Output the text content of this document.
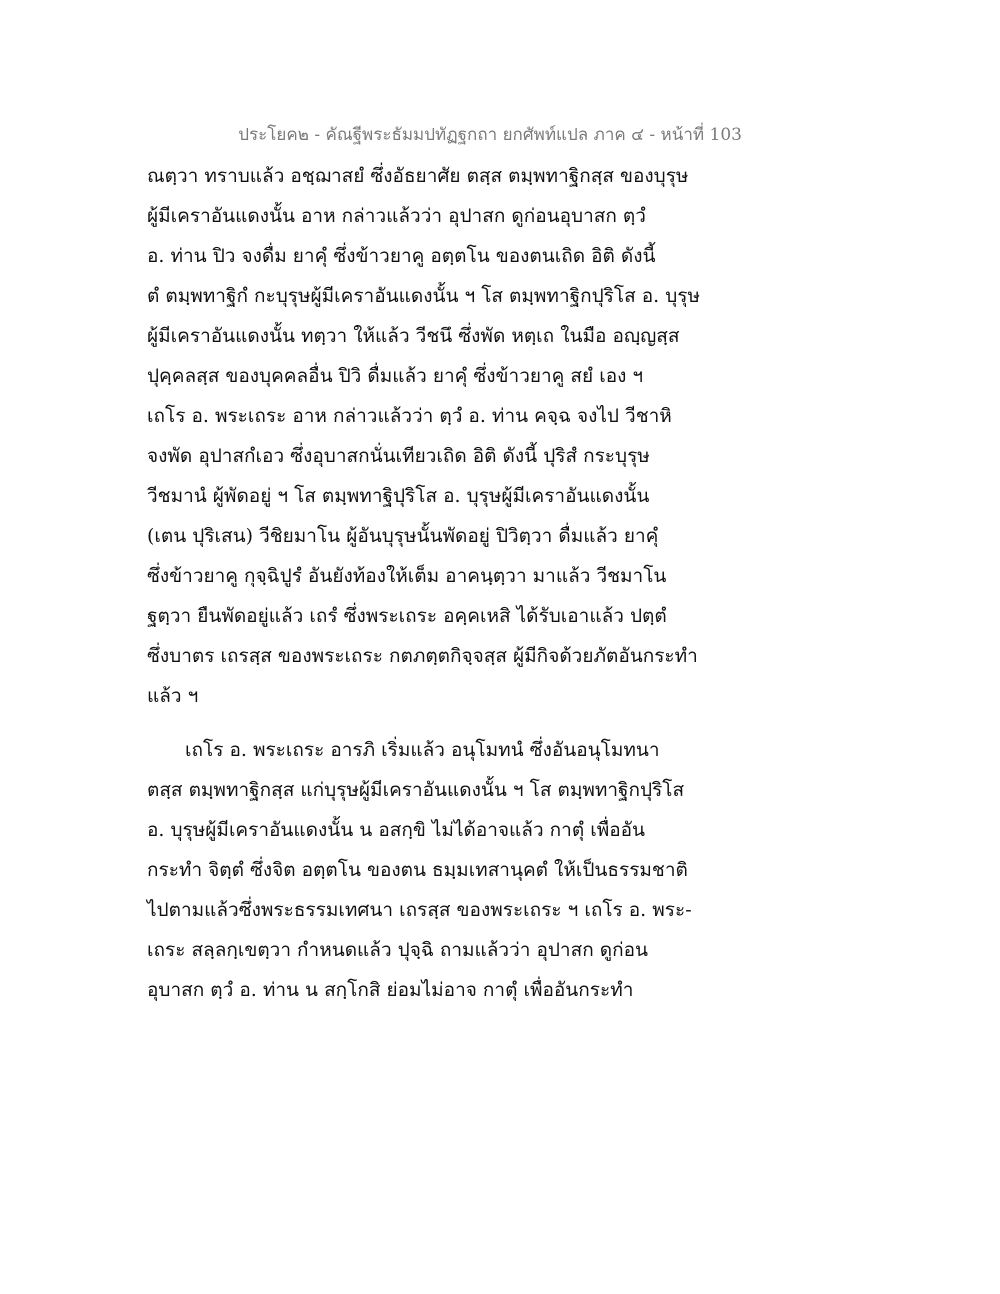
ประโยค๒ - คัณฐีพระธัมมปทัฏฐกถา ยกศัพท์แปล ภาค ๔ - หน้าที่ 103
ณตฺวา ทราบแล้ว อชฺฌาสยํ ซึ่งอัธยาศัย ตสฺส ตมฺพทาฐิกสฺส ของบุรุษ
ผู้มีเคราอันแดงนั้น อาห กล่าวแล้วว่า อุปาสก ดูก่อนอุบาสก ตฺวํ
อ. ท่าน ปิว จงดื่ม ยาคุํ ซึ่งข้าวยาคู อตฺตโน ของตนเถิด อิติ ดังนี้
ตํ ตมฺพทาฐิกํ กะบุรุษผู้มีเคราอันแดงนั้น ฯ โส ตมฺพทาฐิกปุริโส อ. บุรุษ
ผู้มีเคราอันแดงนั้น ทตฺวา ให้แล้ว วีชนึ ซึ่งพัด หตฺเถ ในมือ อญฺญสฺส
ปุคฺคลสฺส ของบุคคลอื่น ปิวิ ดื่มแล้ว ยาคุํ ซึ่งข้าวยาคู สยํ เอง ฯ
เถโร อ. พระเถระ อาห กล่าวแล้วว่า ตฺวํ อ. ท่าน คจฺฉ จงไป วีชาหิ
จงพัด อุปาสกํเอว ซึ่งอุบาสกนั่นเทียวเถิด อิติ ดังนี้ ปุริสํ กระบุรุษ
วีชมานํ ผู้พัดอยู่ ฯ โส ตมฺพทาฐิปุริโส อ. บุรุษผู้มีเคราอันแดงนั้น
(เตน ปุริเสน) วีชิยมาโน ผู้อันบุรุษนั้นพัดอยู่ ปิวิตฺวา ดื่มแล้ว ยาคุํ
ซึ่งข้าวยาคู กุจฺฉิปูรํ อันยังท้องให้เต็ม อาคนฺตฺวา มาแล้ว วีชมาโน
ฐตฺวา ยืนพัดอยู่แล้ว เถรํ ซึ่งพระเถระ อคฺคเหสิ ได้รับเอาแล้ว ปตฺตํ
ซึ่งบาตร เถรสฺส ของพระเถระ กตภตฺตกิจฺจสฺส ผู้มีกิจด้วยภัตอันกระทำ
แล้ว ฯ
เถโร อ. พระเถระ อารภิ เริ่มแล้ว อนุโมทนํ ซึ่งอันอนุโมทนา
ตสฺส ตมฺพทาฐิกสฺส แก่บุรุษผู้มีเคราอันแดงนั้น ฯ โส ตมฺพทาฐิกปุริโส
อ. บุรุษผู้มีเคราอันแดงนั้น น อสกฺขิ ไม่ได้อาจแล้ว กาตุํ เพื่ออัน
กระทำ จิตฺตํ ซึ่งจิต อตฺตโน ของตน ธมฺมเทสานุคตํ ให้เป็นธรรมชาติ
ไปตามแล้วซึ่งพระธรรมเทศนา เถรสฺส ของพระเถระ ฯ เถโร อ. พระ-
เถระ สลฺลกฺเขตฺวา กำหนดแล้ว ปุจฺฉิ ถามแล้วว่า อุปาสก ดูก่อน
อุบาสก ตฺวํ อ. ท่าน น สกฺโกสิ ย่อมไม่อาจ กาตุํ เพื่ออันกระทำ
